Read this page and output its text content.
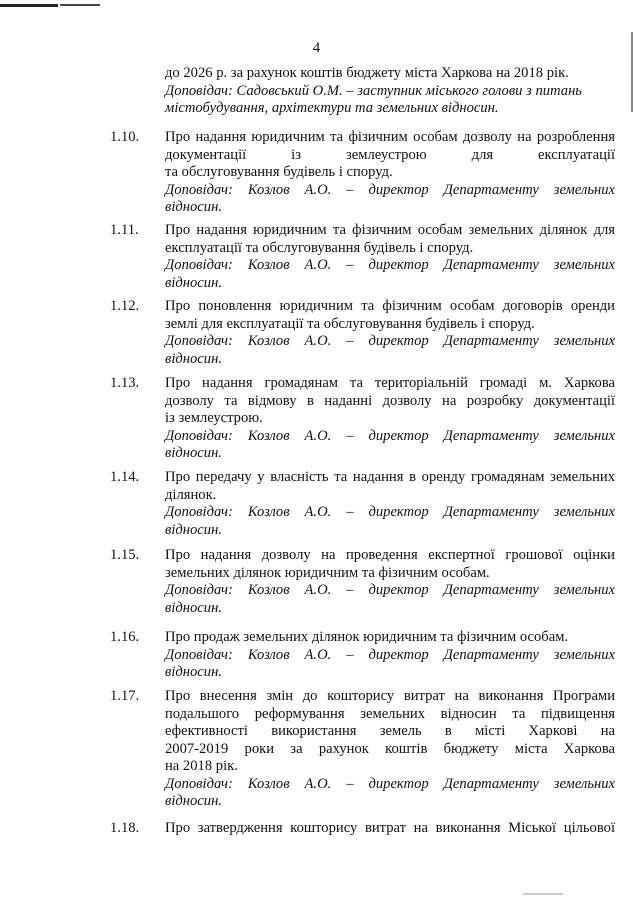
4
до 2026 р. за рахунок коштів бюджету міста Харкова на 2018 рік.
Доповідач: Садовський О.М. – заступник міського голови з питань
містобудування, архітектури та земельних відносин.
1.10.	Про надання юридичним та фізичним особам дозволу на розроблення
документації із землеустрою для експлуатації
та обслуговування будівель і споруд.
Доповідач: Козлов А.О. – директор Департаменту земельних
відносин.
1.11.	Про надання юридичним та фізичним особам земельних ділянок для
експлуатації та обслуговування будівель і споруд.
Доповідач: Козлов А.О. – директор Департаменту земельних
відносин.
1.12.	Про поновлення юридичним та фізичним особам договорів оренди
землі для експлуатації та обслуговування будівель і споруд.
Доповідач: Козлов А.О. – директор Департаменту земельних
відносин.
1.13.	Про надання громадянам та територіальній громаді м. Харкова
дозволу та відмову в наданні дозволу на розробку документації
із землеустрою.
Доповідач: Козлов А.О. – директор Департаменту земельних
відносин.
1.14.	Про передачу у власність та надання в оренду громадянам земельних
ділянок.
Доповідач: Козлов А.О. – директор Департаменту земельних
відносин.
1.15.	Про надання дозволу на проведення експертної грошової оцінки
земельних ділянок юридичним та фізичним особам.
Доповідач: Козлов А.О. – директор Департаменту земельних
відносин.
1.16.	Про продаж земельних ділянок юридичним та фізичним особам.
Доповідач: Козлов А.О. – директор Департаменту земельних
відносин.
1.17.	Про внесення змін до кошторису витрат на виконання Програми
подальшого реформування земельних відносин та підвищення
ефективності використання земель в місті Харкові на
2007-2019 роки за рахунок коштів бюджету міста Харкова
на 2018 рік.
Доповідач: Козлов А.О. – директор Департаменту земельних
відносин.
1.18.	Про затвердження кошторису витрат на виконання Міської цільової
